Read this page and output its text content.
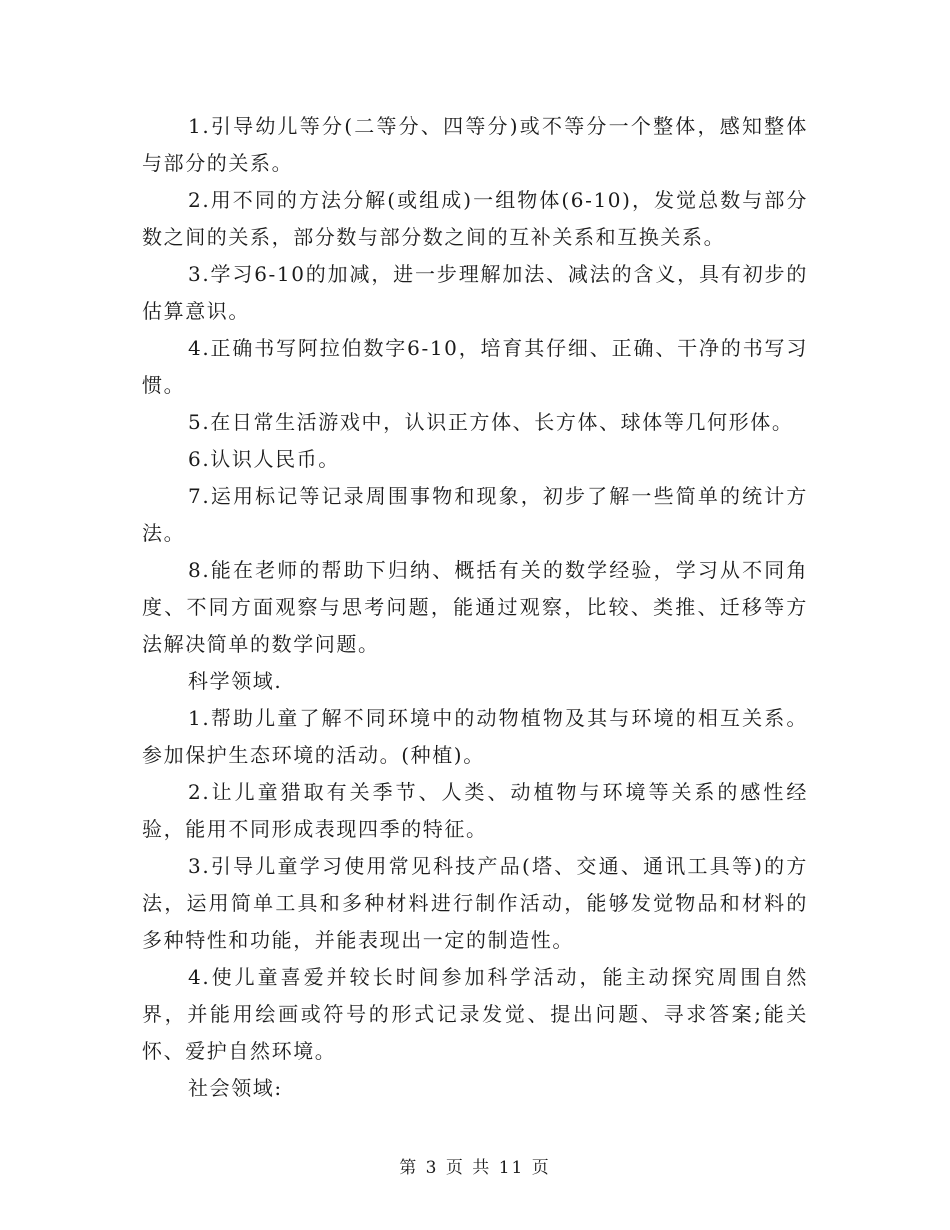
1.引导幼儿等分(二等分、四等分)或不等分一个整体，感知整体与部分的关系。

2.用不同的方法分解(或组成)一组物体(6-10)，发觉总数与部分数之间的关系，部分数与部分数之间的互补关系和互换关系。

3.学习6-10的加减，进一步理解加法、减法的含义，具有初步的估算意识。

4.正确书写阿拉伯数字6-10，培育其仔细、正确、干净的书写习惯。

5.在日常生活游戏中，认识正方体、长方体、球体等几何形体。

6.认识人民币。

7.运用标记等记录周围事物和现象，初步了解一些简单的统计方法。

8.能在老师的帮助下归纳、概括有关的数学经验，学习从不同角度、不同方面观察与思考问题，能通过观察，比较、类推、迁移等方法解决简单的数学问题。

科学领域.

1.帮助儿童了解不同环境中的动物植物及其与环境的相互关系。参加保护生态环境的活动。(种植)。

2.让儿童猎取有关季节、人类、动植物与环境等关系的感性经验，能用不同形成表现四季的特征。

3.引导儿童学习使用常见科技产品(塔、交通、通讯工具等)的方法，运用简单工具和多种材料进行制作活动，能够发觉物品和材料的多种特性和功能，并能表现出一定的制造性。

4.使儿童喜爱并较长时间参加科学活动，能主动探究周围自然界，并能用绘画或符号的形式记录发觉、提出问题、寻求答案;能关怀、爱护自然环境。

社会领域:

第 3 页 共 11 页
